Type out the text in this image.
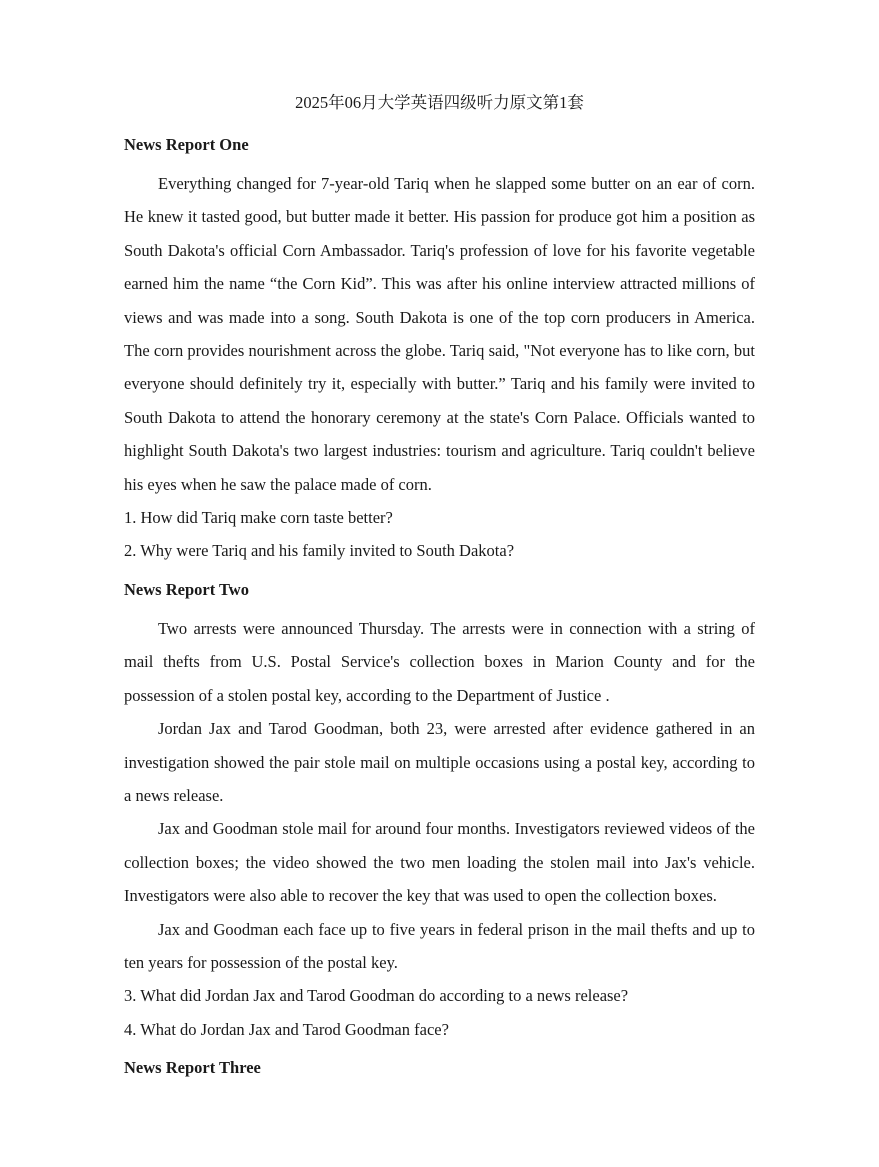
2025年06月大学英语四级听力原文第1套
News Report One

Everything changed for 7-year-old Tariq when he slapped some butter on an ear of corn. He knew it tasted good, but butter made it better. His passion for produce got him a position as South Dakota's official Corn Ambassador. Tariq's profession of love for his favorite vegetable earned him the name “the Corn Kid”. This was after his online interview attracted millions of views and was made into a song. South Dakota is one of the top corn producers in America. The corn provides nourishment across the globe. Tariq said, "Not everyone has to like corn, but everyone should definitely try it, especially with butter.” Tariq and his family were invited to South Dakota to attend the honorary ceremony at the state's Corn Palace. Officials wanted to highlight South Dakota's two largest industries: tourism and agriculture. Tariq couldn't believe his eyes when he saw the palace made of corn.

1. How did Tariq make corn taste better?

2. Why were Tariq and his family invited to South Dakota?

News Report Two

Two arrests were announced Thursday. The arrests were in connection with a string of mail thefts from U.S. Postal Service's collection boxes in Marion County and for the possession of a stolen postal key, according to the Department of Justice .

Jordan Jax and Tarod Goodman, both 23, were arrested after evidence gathered in an investigation showed the pair stole mail on multiple occasions using a postal key, according to a news release.

Jax and Goodman stole mail for around four months. Investigators reviewed videos of the collection boxes; the video showed the two men loading the stolen mail into Jax's vehicle. Investigators were also able to recover the key that was used to open the collection boxes.

Jax and Goodman each face up to five years in federal prison in the mail thefts and up to ten years for possession of the postal key.

3. What did Jordan Jax and Tarod Goodman do according to a news release?

4. What do Jordan Jax and Tarod Goodman face?

News Report Three
